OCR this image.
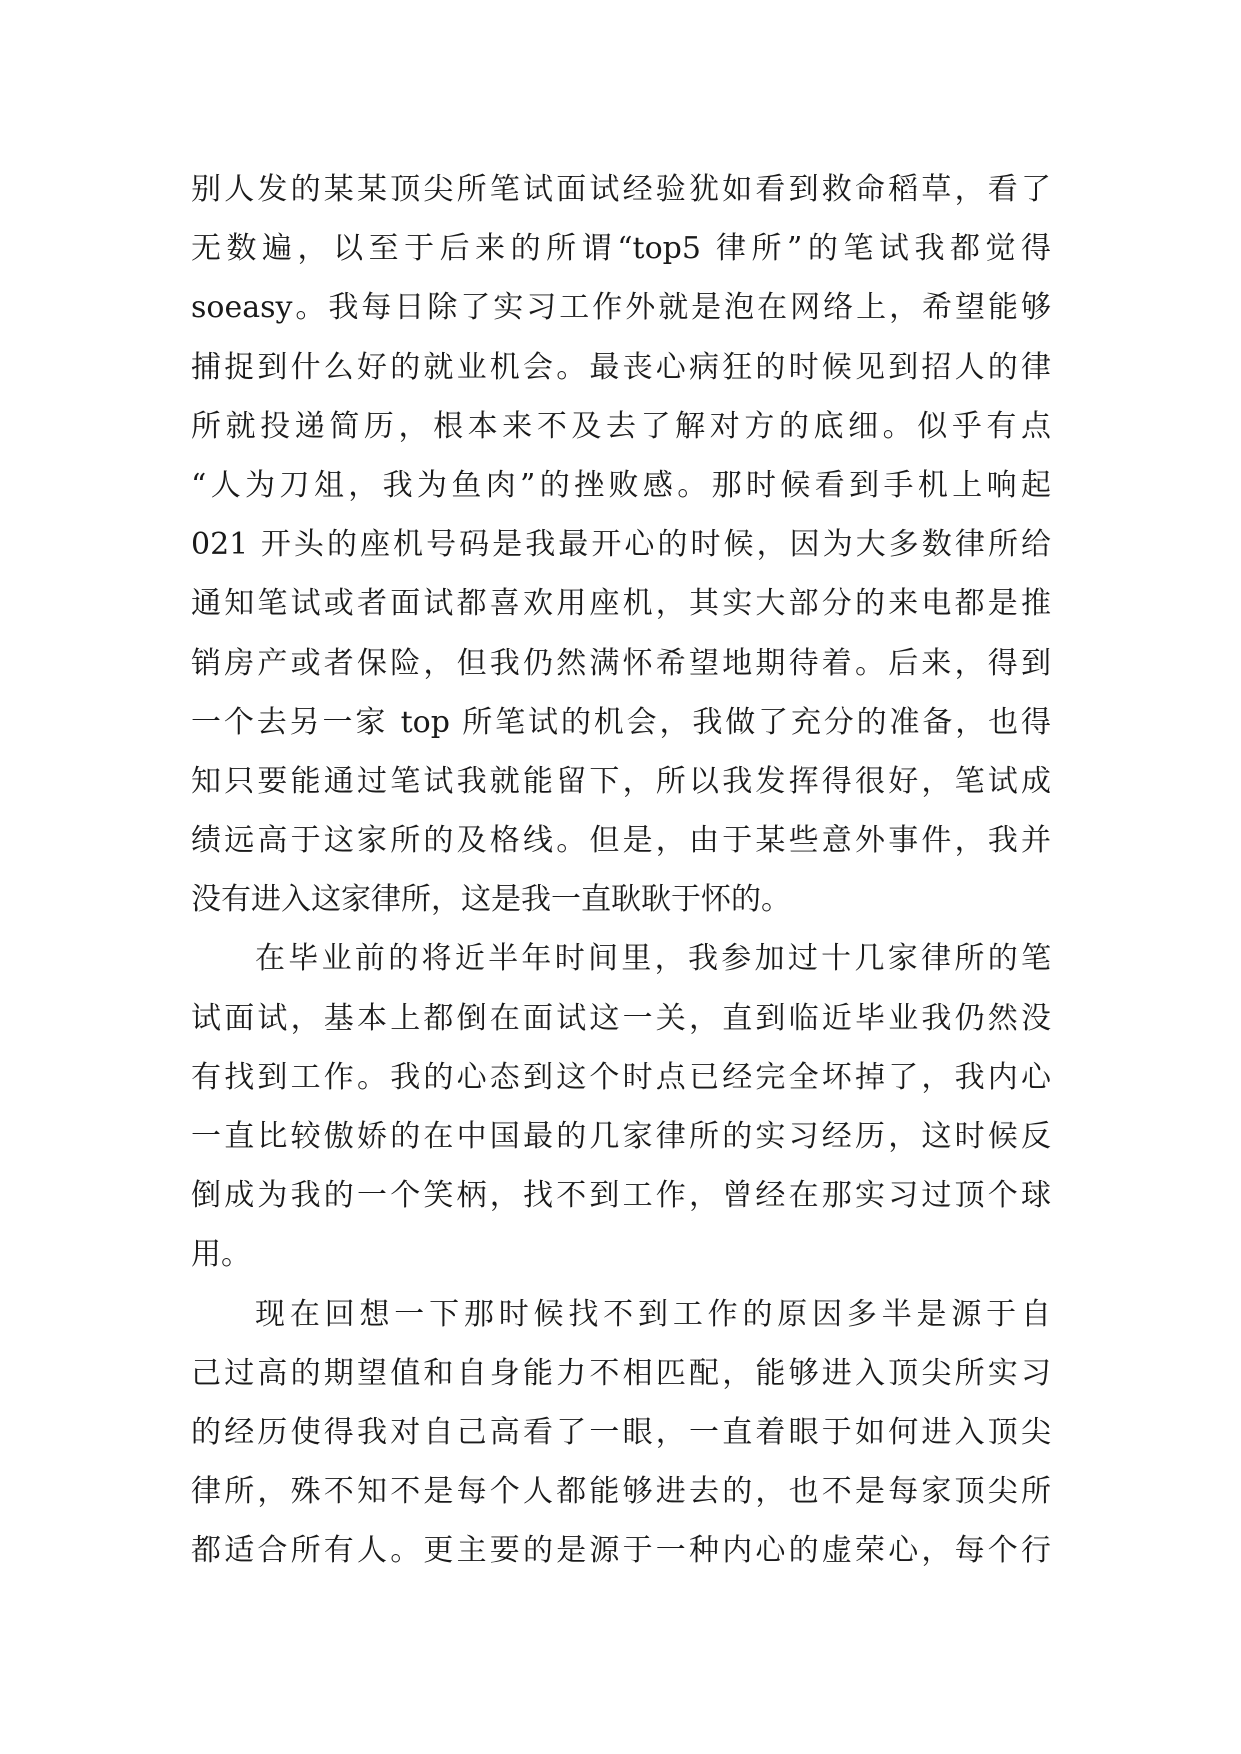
别人发的某某顶尖所笔试面试经验犹如看到救命稻草，看了
无数遍，以至于后来的所谓“top5 律所”的笔试我都觉得
soeasy。我每日除了实习工作外就是泡在网络上，希望能够
捕捉到什么好的就业机会。最丧心病狂的时候见到招人的律
所就投递简历，根本来不及去了解对方的底细。似乎有点
“人为刀俎，我为鱼肉”的挫败感。那时候看到手机上响起
021 开头的座机号码是我最开心的时候，因为大多数律所给
通知笔试或者面试都喜欢用座机，其实大部分的来电都是推
销房产或者保险，但我仍然满怀希望地期待着。后来，得到
一个去另一家 top 所笔试的机会，我做了充分的准备，也得
知只要能通过笔试我就能留下，所以我发挥得很好，笔试成
绩远高于这家所的及格线。但是，由于某些意外事件，我并
没有进入这家律所，这是我一直耿耿于怀的。
在毕业前的将近半年时间里，我参加过十几家律所的笔
试面试，基本上都倒在面试这一关，直到临近毕业我仍然没
有找到工作。我的心态到这个时点已经完全坏掉了，我内心
一直比较傲娇的在中国最的几家律所的实习经历，这时候反
倒成为我的一个笑柄，找不到工作，曾经在那实习过顶个球
用。
现在回想一下那时候找不到工作的原因多半是源于自
己过高的期望值和自身能力不相匹配，能够进入顶尖所实习
的经历使得我对自己高看了一眼，一直着眼于如何进入顶尖
律所，殊不知不是每个人都能够进去的，也不是每家顶尖所
都适合所有人。更主要的是源于一种内心的虚荣心，每个行
